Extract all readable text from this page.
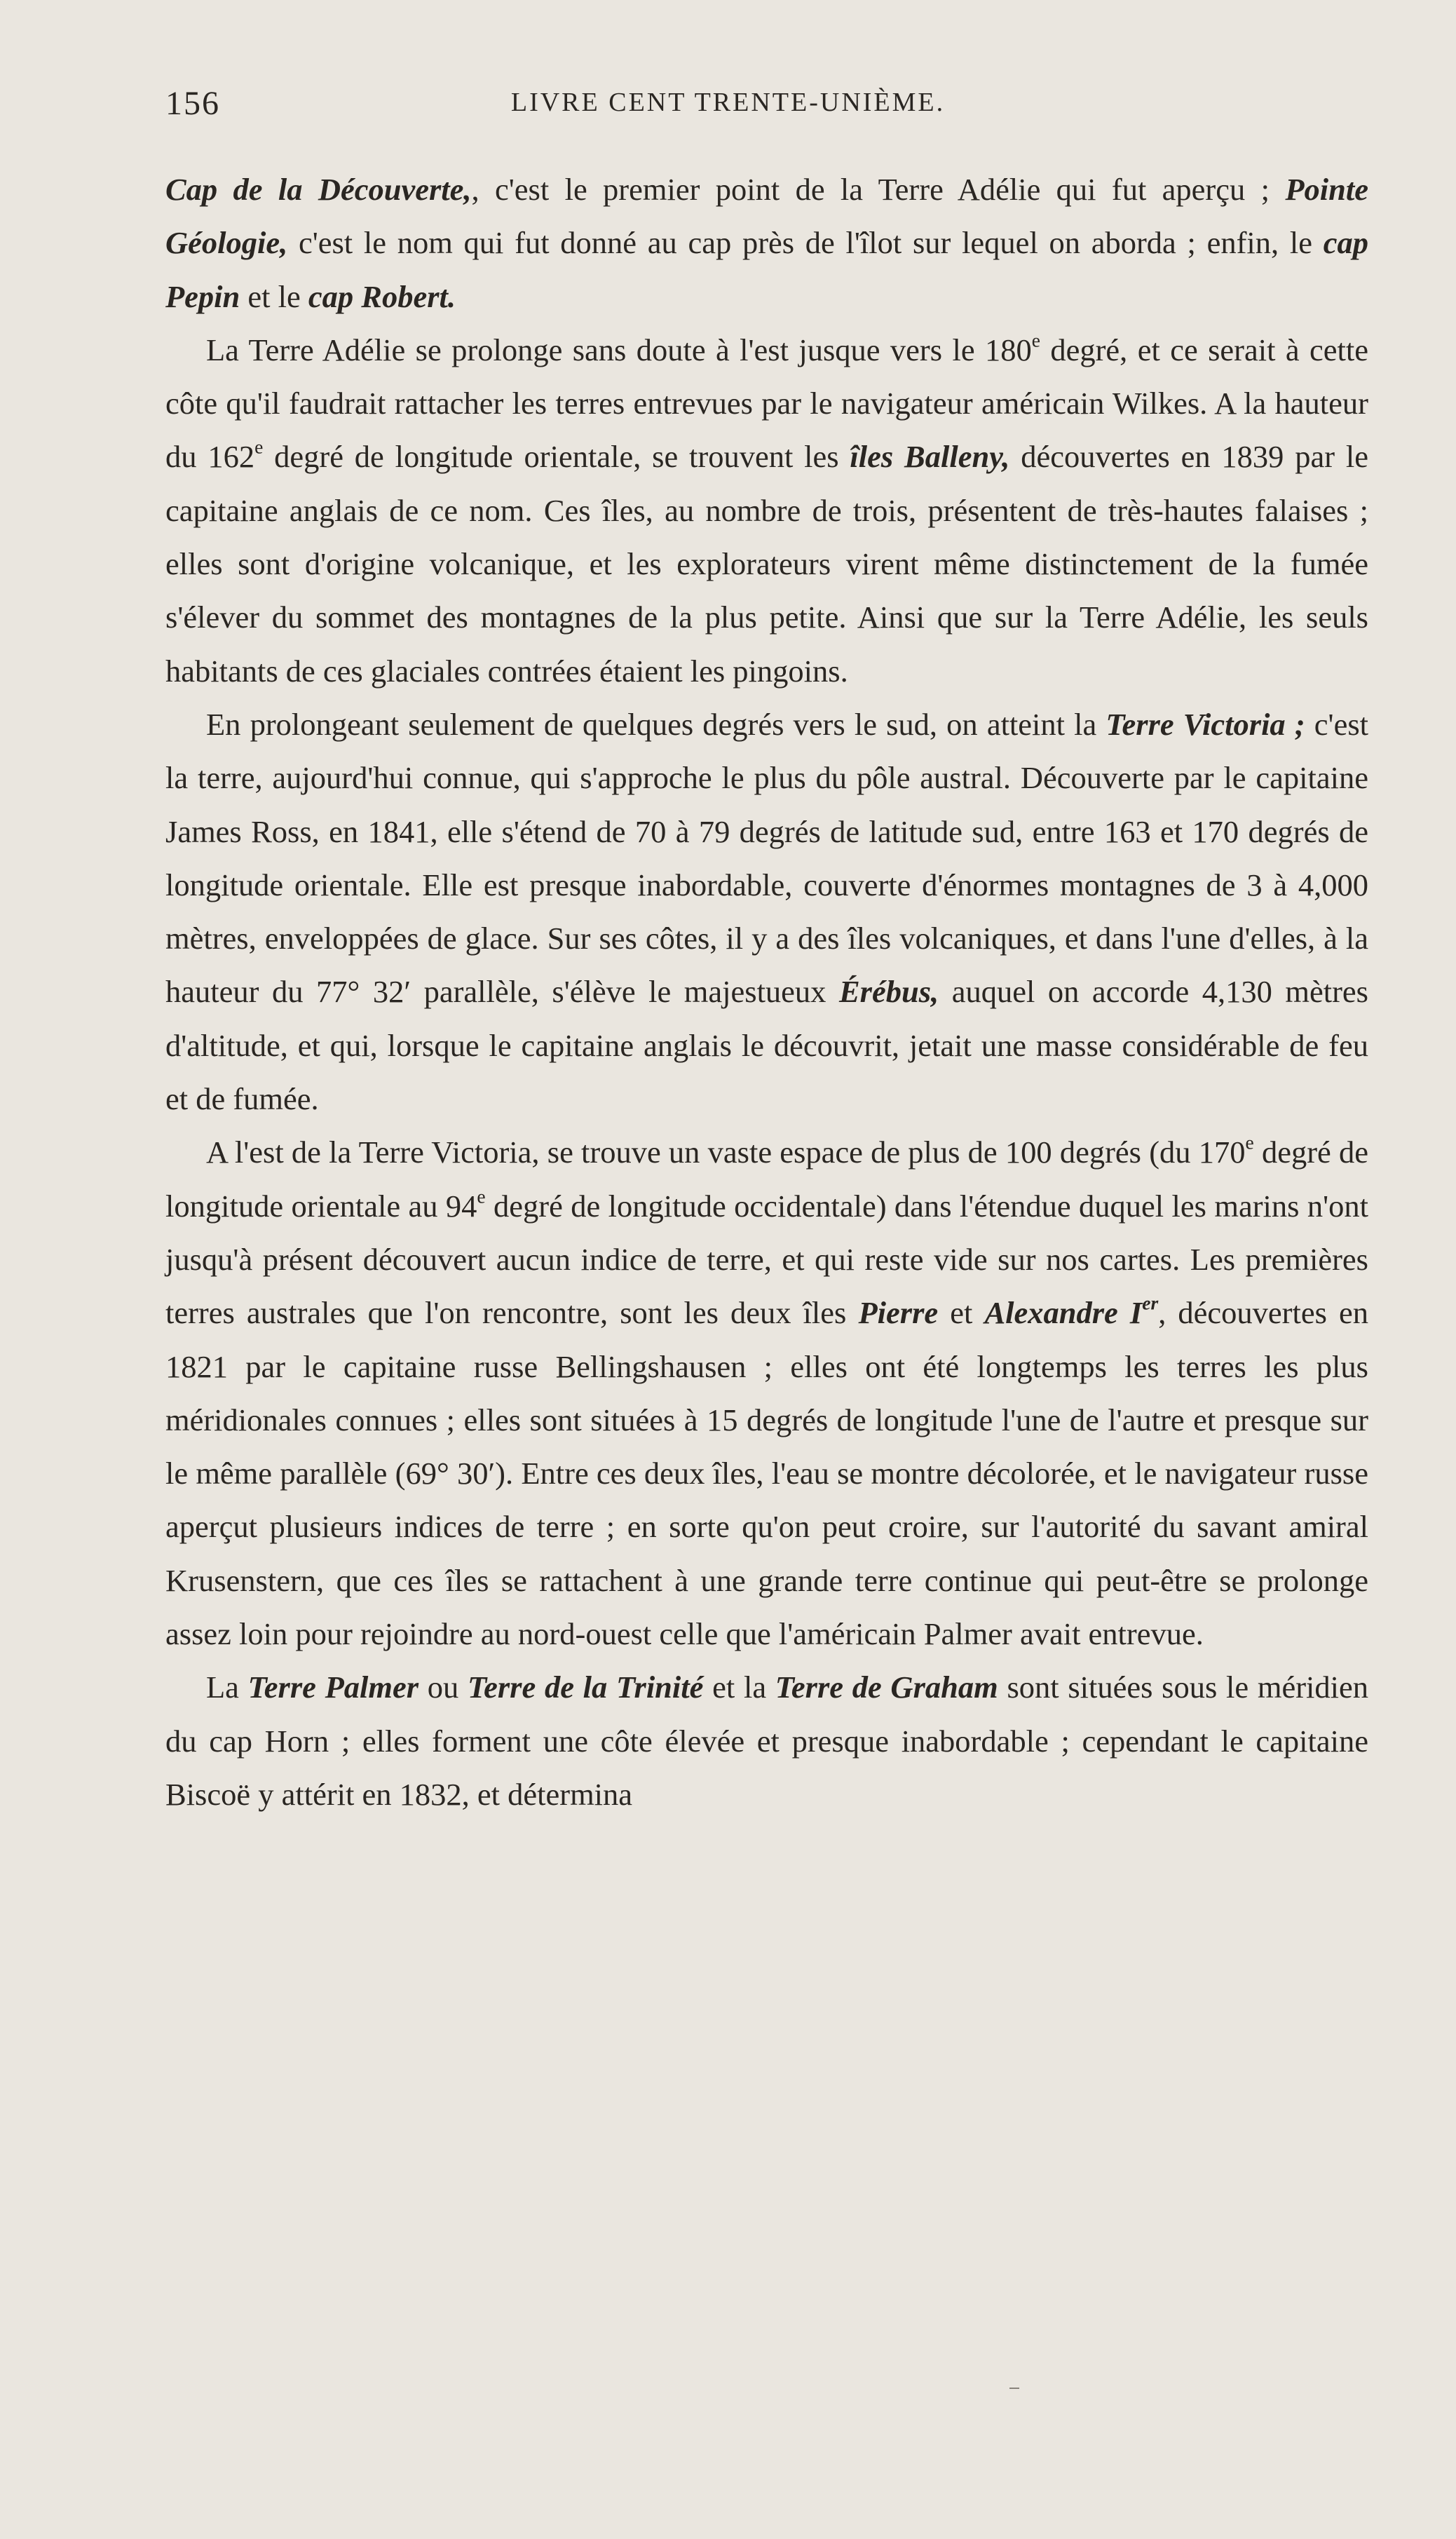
156	LIVRE CENT TRENTE-UNIÈME.

Cap de la Découverte,, c'est le premier point de la Terre Adélie qui fut aperçu ; Pointe Géologie, c'est le nom qui fut donné au cap près de l'îlot sur lequel on aborda ; enfin, le cap Pepin et le cap Robert.

La Terre Adélie se prolonge sans doute à l'est jusque vers le 180e degré, et ce serait à cette côte qu'il faudrait rattacher les terres entrevues par le navigateur américain Wilkes. A la hauteur du 162e degré de longitude orientale, se trouvent les îles Balleny, découvertes en 1839 par le capitaine anglais de ce nom. Ces îles, au nombre de trois, présentent de très-hautes falaises ; elles sont d'origine volcanique, et les explorateurs virent même distinctement de la fumée s'élever du sommet des montagnes de la plus petite. Ainsi que sur la Terre Adélie, les seuls habitants de ces glaciales contrées étaient les pingoins.

En prolongeant seulement de quelques degrés vers le sud, on atteint la Terre Victoria ; c'est la terre, aujourd'hui connue, qui s'approche le plus du pôle austral. Découverte par le capitaine James Ross, en 1841, elle s'étend de 70 à 79 degrés de latitude sud, entre 163 et 170 degrés de longitude orientale. Elle est presque inabordable, couverte d'énormes montagnes de 3 à 4,000 mètres, enveloppées de glace. Sur ses côtes, il y a des îles volcaniques, et dans l'une d'elles, à la hauteur du 77° 32′ parallèle, s'élève le majestueux Érébus, auquel on accorde 4,130 mètres d'altitude, et qui, lorsque le capitaine anglais le découvrit, jetait une masse considérable de feu et de fumée.

A l'est de la Terre Victoria, se trouve un vaste espace de plus de 100 degrés (du 170e degré de longitude orientale au 94e degré de longitude occidentale) dans l'étendue duquel les marins n'ont jusqu'à présent découvert aucun indice de terre, et qui reste vide sur nos cartes. Les premières terres australes que l'on rencontre, sont les deux îles Pierre et Alexandre Ier, découvertes en 1821 par le capitaine russe Bellingshausen ; elles ont été longtemps les terres les plus méridionales connues ; elles sont situées à 15 degrés de longitude l'une de l'autre et presque sur le même parallèle (69° 30′). Entre ces deux îles, l'eau se montre décolorée, et le navigateur russe aperçut plusieurs indices de terre ; en sorte qu'on peut croire, sur l'autorité du savant amiral Krusenstern, que ces îles se rattachent à une grande terre continue qui peut-être se prolonge assez loin pour rejoindre au nord-ouest celle que l'américain Palmer avait entrevue.

La Terre Palmer ou Terre de la Trinité et la Terre de Graham sont situées sous le méridien du cap Horn ; elles forment une côte élevée et presque inabordable ; cependant le capitaine Biscoë y attérit en 1832, et détermina
